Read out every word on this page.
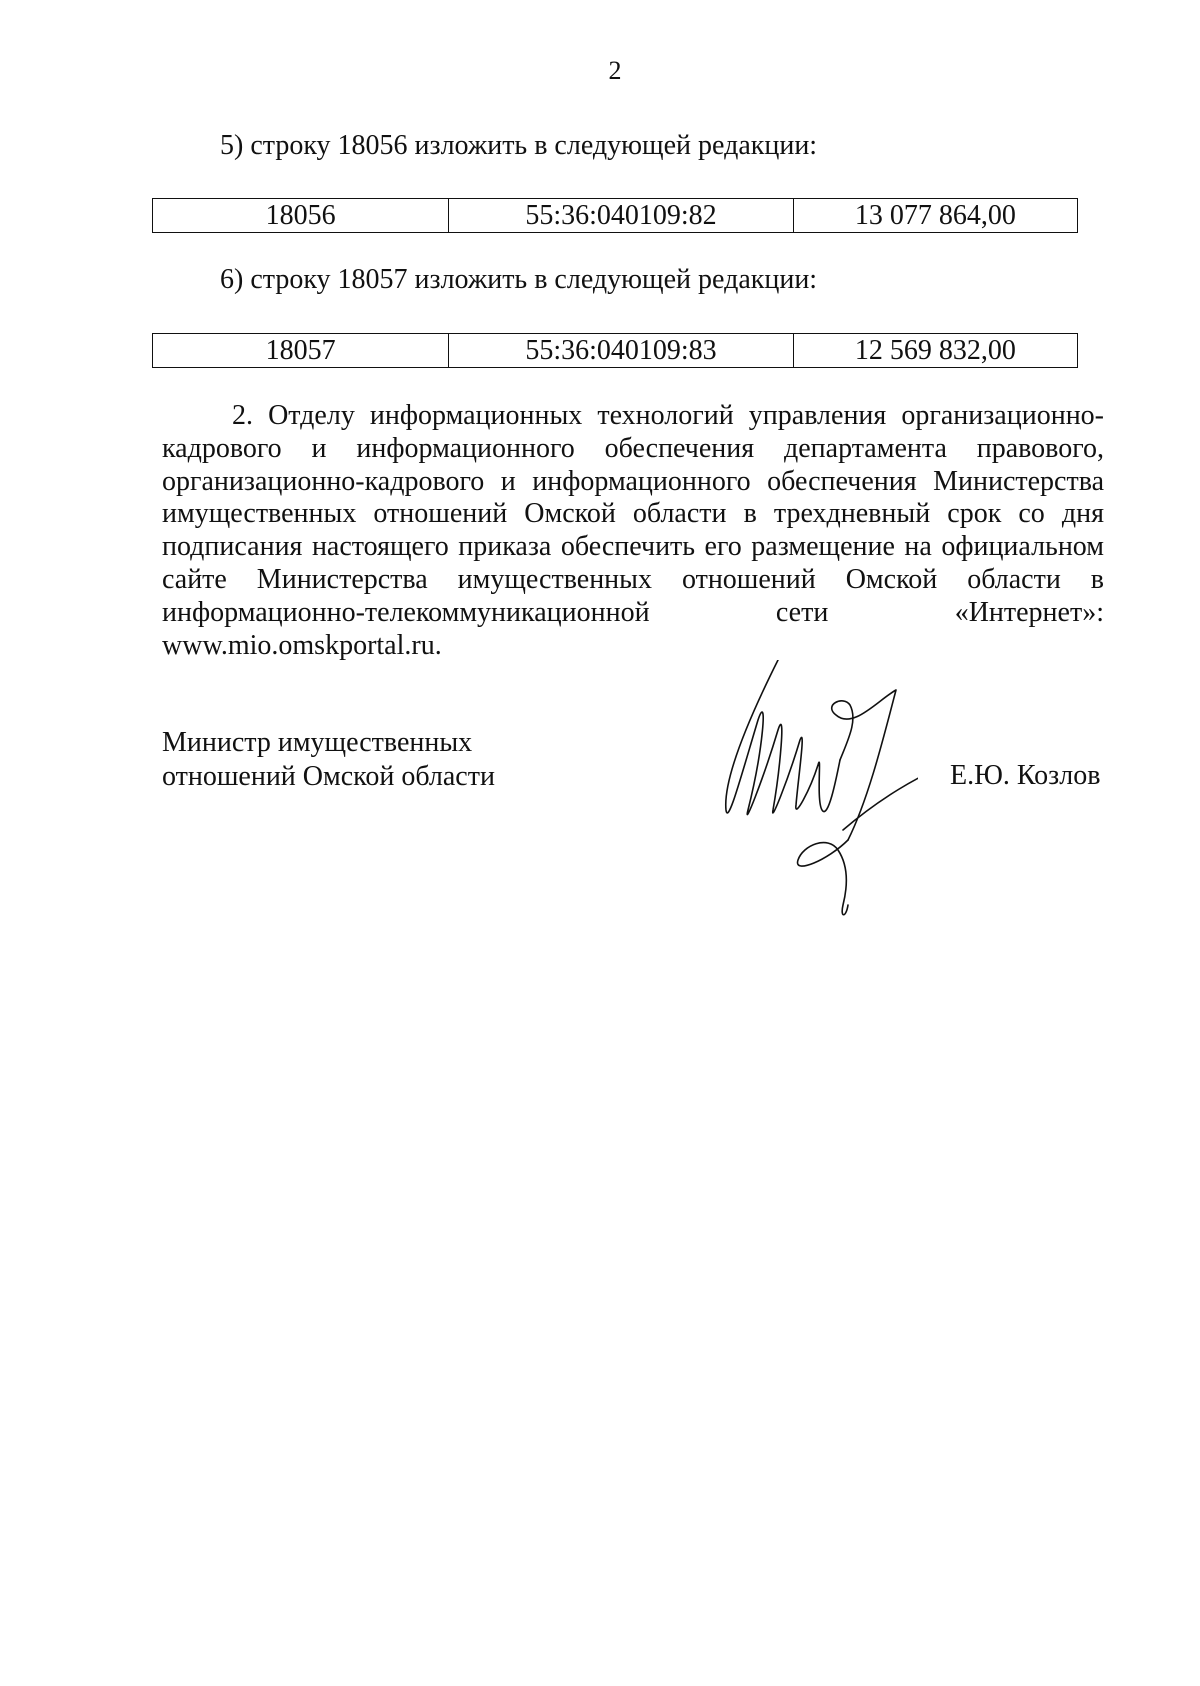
2
5) строку 18056 изложить в следующей редакции:
18056	55:36:040109:82	13 077 864,00
6) строку 18057 изложить в следующей редакции:
18057	55:36:040109:83	12 569 832,00

2. Отделу информационных технологий управления организационно-кадрового и информационного обеспечения департамента правового, организационно-кадрового и информационного обеспечения Министерства имущественных отношений Омской области в трехдневный срок со дня подписания настоящего приказа обеспечить его размещение на официальном сайте Министерства имущественных отношений Омской области в информационно-телекоммуникационной сети «Интернет»: www.mio.omskportal.ru.

Министр имущественных
отношений Омской области	Е.Ю. Козлов
